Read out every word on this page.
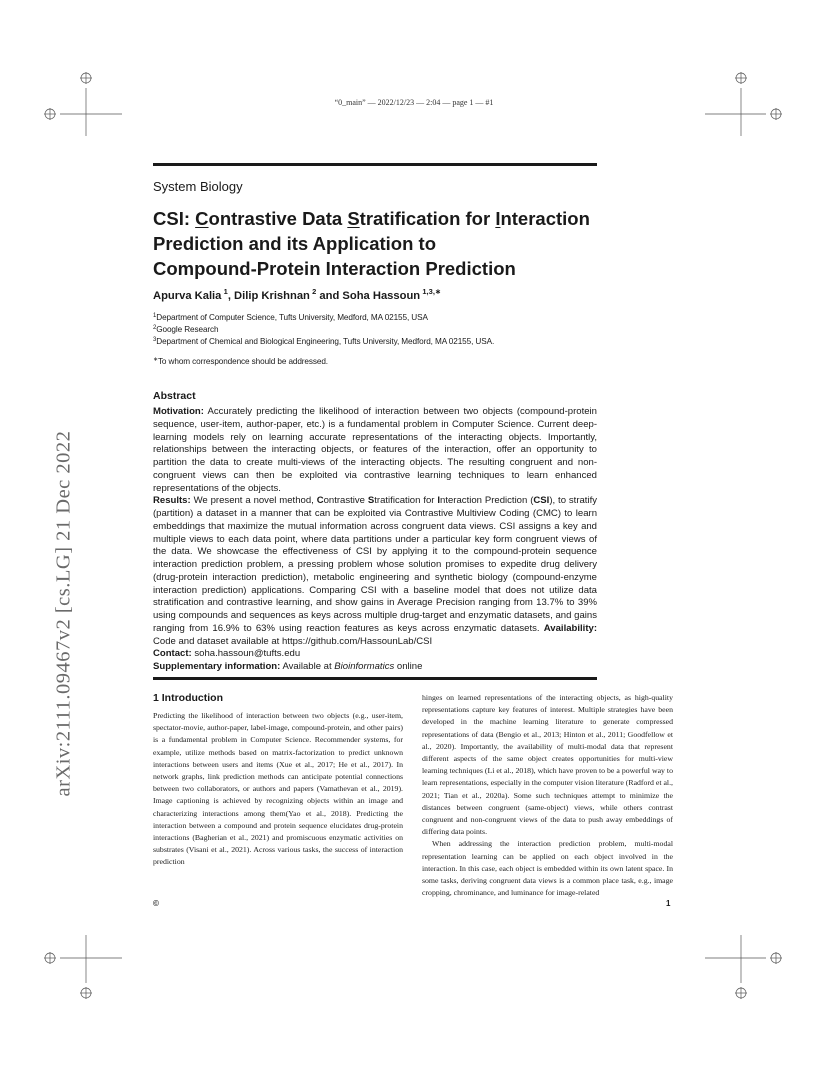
“0_main” — 2022/12/23 — 2:04 — page 1 — #1
System Biology
CSI: Contrastive Data Stratification for Interaction
Prediction and its Application to
Compound-Protein Interaction Prediction
Apurva Kalia  $^1$, Dilip Krishnan  $^2$ and Soha Hassoun  $^{1,3,∗}$
$^1$Department of Computer Science, Tufts University, Medford, MA 02155, USA
$^2$Google Research
$^3$Department of Chemical and Biological Engineering, Tufts University, Medford, MA 02155, USA.
∗To whom correspondence should be addressed.
Abstract

Motivation: Accurately predicting the likelihood of interaction between two objects (compound-protein sequence, user-item, author-paper, etc.) is a fundamental problem in Computer Science. Current deep-learning models rely on learning accurate representations of the interacting objects. Importantly, relationships between the interacting objects, or features of the interaction, offer an opportunity to partition the data to create multi-views of the interacting objects. The resulting congruent and non-congruent views can then be exploited via contrastive learning techniques to learn enhanced representations of the objects.

Results: We present a novel method, Contrastive Stratification for Interaction Prediction (CSI), to stratify (partition) a dataset in a manner that can be exploited via Contrastive Multiview Coding (CMC) to learn embeddings that maximize the mutual information across congruent data views. CSI assigns a key and multiple views to each data point, where data partitions under a particular key form congruent views of the data. We showcase the effectiveness of CSI by applying it to the compound-protein sequence interaction prediction problem, a pressing problem whose solution promises to expedite drug delivery (drug-protein interaction prediction), metabolic engineering and synthetic biology (compound-enzyme interaction prediction) applications. Comparing CSI with a baseline model that does not utilize data stratification and contrastive learning, and show gains in Average Precision ranging from 13.7% to 39% using compounds and sequences as keys across multiple drug-target and enzymatic datasets, and gains ranging from 16.9% to 63% using reaction features as keys across enzymatic datasets. Availability: Code and dataset available at https://github.com/HassounLab/CSI

Contact: soha.hassoun@tufts.edu

Supplementary information: Available at Bioinformatics online

1 Introduction

Predicting the likelihood of interaction between two objects (e.g., user-item, spectator-movie, author-paper, label-image, compound-protein, and other pairs) is a fundamental problem in Computer Science. Recommender systems, for example, utilize methods based on matrix-factorization to predict unknown interactions between users and items (Xue et al., 2017; He et al., 2017). In network graphs, link prediction methods can anticipate potential connections between two collaborators, or authors and papers (Vamathevan et al., 2019). Image captioning is achieved by recognizing objects within an image and characterizing interactions among them(Yao et al., 2018). Predicting the interaction between a compound and protein sequence elucidates drug-protein interactions (Bagherian et al., 2021) and promiscuous enzymatic activities on substrates (Visani et al., 2021). Across various tasks, the success of interaction prediction

hinges on learned representations of the interacting objects, as high-quality representations capture key features of interest. Multiple strategies have been developed in the machine learning literature to generate compressed representations of data (Bengio et al., 2013; Hinton et al., 2011; Goodfellow et al., 2020). Importantly, the availability of multi-modal data that represent different aspects of the same object creates opportunities for multi-view learning techniques (Li et al., 2018), which have proven to be a powerful way to learn representations, especially in the computer vision literature (Radford et al., 2021; Tian et al., 2020a). Some such techniques attempt to minimize the distances between congruent (same-object) views, while others contrast congruent and non-congruent views of the data to push away embeddings of differing data points.

When addressing the interaction prediction problem, multi-modal representation learning can be applied on each object involved in the interaction. In this case, each object is embedded within its own latent space. In some tasks, deriving congruent data views is a common place task, e.g., image cropping, chrominance, and luminance for image-related

©	1
arXiv:2111.09467v2 [cs.LG] 21 Dec 2022
